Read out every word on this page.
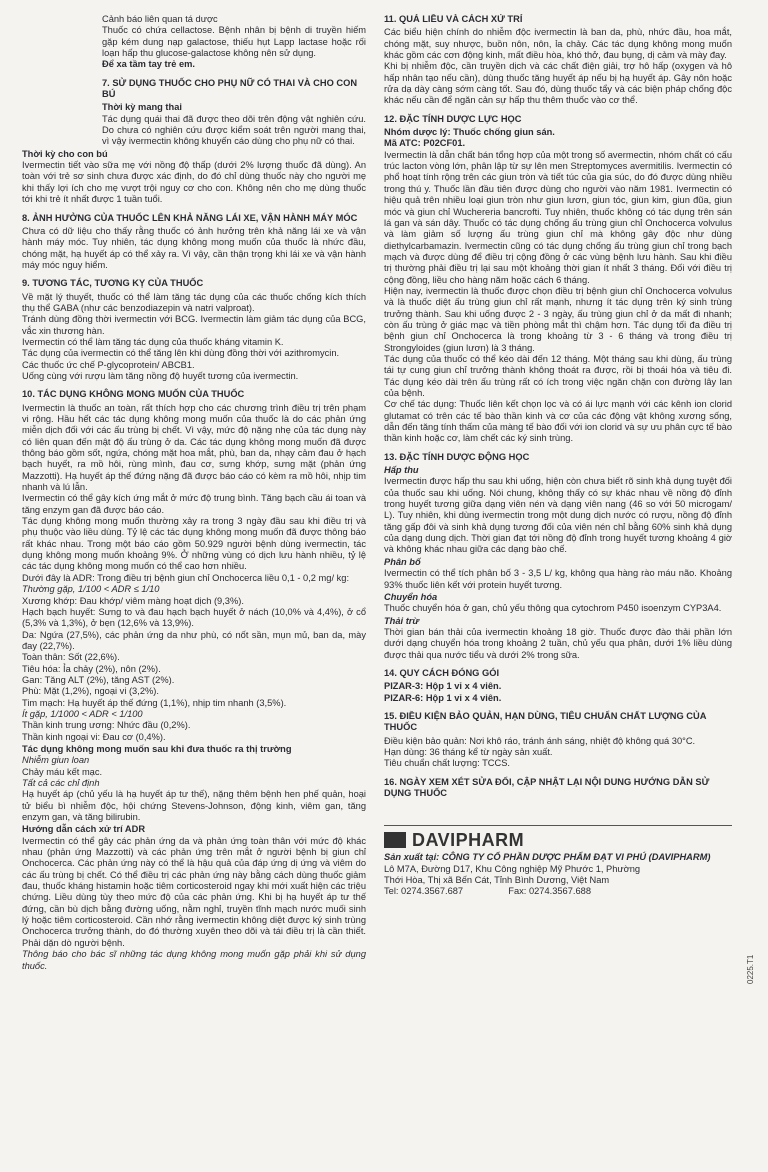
Cảnh báo liên quan tá dược

Thuốc có chứa cellactose. Bệnh nhân bị bệnh di truyền hiếm gặp kém dung nạp galactose, thiếu hụt Lapp lactase hoặc rối loạn hấp thu glucose-galactose không nên sử dụng.

Để xa tầm tay trẻ em.

7. SỬ DỤNG THUỐC CHO PHỤ NỮ CÓ THAI VÀ CHO CON BÚ
Thời kỳ mang thai

Tác dụng quái thai đã được theo dõi trên động vật nghiên cứu. Do chưa có nghiên cứu được kiểm soát trên người mang thai, vì vậy ivermectin không khuyến cáo dùng cho phụ nữ có thai.

Thời kỳ cho con bú

Ivermectin tiết vào sữa mẹ với nồng độ thấp (dưới 2% lượng thuốc đã dùng). An toàn với trẻ sơ sinh chưa được xác định, do đó chỉ dùng thuốc này cho người mẹ khi thấy lợi ích cho mẹ vượt trội nguy cơ cho con. Không nên cho mẹ dùng thuốc tới khi trẻ ít nhất được 1 tuần tuổi.

8. ẢNH HƯỞNG CỦA THUỐC LÊN KHẢ NĂNG LÁI XE, VẬN HÀNH MÁY MÓC

Chưa có dữ liệu cho thấy rằng thuốc có ảnh hưởng trên khả năng lái xe và vận hành máy móc. Tuy nhiên, tác dụng không mong muốn của thuốc là nhức đầu, chóng mặt, hạ huyết áp có thể xảy ra. Vì vậy, cần thận trọng khi lái xe và vận hành máy móc nguy hiểm.

9. TƯƠNG TÁC, TƯƠNG KỴ CỦA THUỐC

Về mặt lý thuyết, thuốc có thể làm tăng tác dụng của các thuốc chống kích thích thụ thể GABA (như các benzodiazepin và natri valproat).

Tránh dùng đồng thời ivermectin với BCG. Ivermectin làm giảm tác dụng của BCG, vắc xin thương hàn.

Ivermectin có thể làm tăng tác dụng của thuốc kháng vitamin K.

Tác dụng của ivermectin có thể tăng lên khi dùng đồng thời với azithromycin.

Các thuốc ức chế P-glycoprotein/ ABCB1.

Uống cùng với rượu làm tăng nồng độ huyết tương của ivermectin.

10. TÁC DỤNG KHÔNG MONG MUỐN CỦA THUỐC

Ivermectin là thuốc an toàn, rất thích hợp cho các chương trình điều trị trên phạm vi rộng. Hầu hết các tác dụng không mong muốn của thuốc là do các phản ứng miễn dịch đối với các ấu trùng bị chết. Vì vậy, mức độ nặng nhẹ của tác dụng này có liên quan đến mật độ ấu trùng ở da. Các tác dụng không mong muốn đã được thông báo gồm sốt, ngứa, chóng mặt hoa mắt, phù, ban da, nhạy cảm đau ở hạch bạch huyết, ra mồ hôi, rùng mình, đau cơ, sưng khớp, sưng mặt (phản ứng Mazzotti). Hạ huyết áp thế đứng nặng đã được báo cáo có kèm ra mồ hôi, nhịp tim nhanh và lú lẫn.

Ivermectin có thể gây kích ứng mắt ở mức độ trung bình. Tăng bạch cầu ái toan và tăng enzym gan đã được báo cáo.

Tác dụng không mong muốn thường xảy ra trong 3 ngày đầu sau khi điều trị và phụ thuộc vào liều dùng. Tỷ lệ các tác dụng không mong muốn đã được thông báo rất khác nhau. Trong một báo cáo gồm 50.929 người bệnh dùng ivermectin, tác dụng không mong muốn khoảng 9%. Ở những vùng có dịch lưu hành nhiều, tỷ lệ các tác dụng không mong muốn có thể cao hơn nhiều.

Dưới đây là ADR: Trong điều trị bệnh giun chỉ Onchocerca liều 0,1 - 0,2 mg/ kg:

Thường gặp, 1/100 < ADR ≤ 1/10

Xương khớp: Đau khớp/ viêm màng hoạt dịch (9,3%).

Hạch bạch huyết: Sưng to và đau hạch bạch huyết ở nách (10,0% và 4,4%), ở cổ (5,3% và 1,3%), ở bẹn (12,6% và 13,9%).

Da: Ngứa (27,5%), các phản ứng da như phù, có nốt sần, mụn mủ, ban da, mày đay (22,7%).

Toàn thân: Sốt (22,6%).

Tiêu hóa: Ỉa chảy (2%), nôn (2%).

Gan: Tăng ALT (2%), tăng AST (2%).

Phù: Mặt (1,2%), ngoại vi (3,2%).

Tim mạch: Hạ huyết áp thế đứng (1,1%), nhịp tim nhanh (3,5%).

Ít gặp, 1/1000 < ADR < 1/100

Thần kinh trung ương: Nhức đầu (0,2%).

Thần kinh ngoại vi: Đau cơ (0,4%).

Tác dụng không mong muốn sau khi đưa thuốc ra thị trường

Nhiễm giun loan

Chảy máu kết mạc.

Tất cả các chỉ định

Hạ huyết áp (chủ yếu là hạ huyết áp tư thế), nặng thêm bệnh hen phế quản, hoại tử biểu bì nhiễm độc, hội chứng Stevens-Johnson, động kinh, viêm gan, tăng enzym gan, và tăng bilirubin.

Hướng dẫn cách xử trí ADR

Ivermectin có thể gây các phản ứng da và phản ứng toàn thân với mức độ khác nhau (phản ứng Mazzotti) và các phản ứng trên mắt ở người bệnh bị giun chỉ Onchocerca. Các phản ứng này có thể là hậu quả của đáp ứng dị ứng và viêm do các ấu trùng bị chết. Có thể điều trị các phản ứng này bằng cách dùng thuốc giảm đau, thuốc kháng histamin hoặc tiêm corticosteroid ngay khi mới xuất hiện các triệu chứng. Liều dùng tùy theo mức độ của các phản ứng. Khi bị hạ huyết áp tư thế đứng, cần bù dịch bằng đường uống, nằm nghỉ, truyền tĩnh mạch nước muối sinh lý hoặc tiêm corticosteroid. Cần nhớ rằng ivermectin không diệt được ký sinh trùng Onchocerca trưởng thành, do đó thường xuyên theo dõi và tái điều trị là cần thiết. Phải dặn dò người bệnh.

Thông báo cho bác sĩ những tác dụng không mong muốn gặp phải khi sử dụng thuốc.

11. QUÁ LIỀU VÀ CÁCH XỬ TRÍ

Các biểu hiện chính do nhiễm độc ivermectin là ban da, phù, nhức đầu, hoa mắt, chóng mặt, suy nhược, buồn nôn, nôn, ỉa chảy. Các tác dụng không mong muốn khác gồm các cơn động kinh, mất điều hòa, khó thở, đau bụng, dị cảm và mày đay.

Khi bị nhiễm độc, cần truyền dịch và các chất điện giải, trợ hô hấp (oxygen và hô hấp nhân tạo nếu cần), dùng thuốc tăng huyết áp nếu bị hạ huyết áp. Gây nôn hoặc rửa dạ dày càng sớm càng tốt. Sau đó, dùng thuốc tẩy và các biện pháp chống độc khác nếu cần để ngăn cản sự hấp thu thêm thuốc vào cơ thể.

12. ĐẶC TÍNH DƯỢC LỰC HỌC

Nhóm dược lý: Thuốc chống giun sán.

Mã ATC: P02CF01.

Ivermectin là dẫn chất bán tổng hợp của một trong số avermectin, nhóm chất có cấu trúc lacton vòng lớn, phân lập từ sự lên men Streptomyces avermitilis. Ivermectin có phổ hoạt tính rộng trên các giun tròn và tiết túc của gia súc, do đó được dùng nhiều trong thú y. Thuốc lần đầu tiên được dùng cho người vào năm 1981. Ivermectin có hiệu quả trên nhiều loại giun tròn như giun lươn, giun tóc, giun kim, giun đũa, giun móc và giun chỉ Wuchereria bancrofti. Tuy nhiên, thuốc không có tác dụng trên sán lá gan và sán dây. Thuốc có tác dụng chống ấu trùng giun chỉ Onchocerca volvulus và làm giảm số lượng ấu trùng giun chỉ mà không gây độc như dùng diethylcarbamazin. Ivermectin cũng có tác dụng chống ấu trùng giun chỉ trong bạch mạch và được dùng để điều trị cộng đồng ở các vùng bệnh lưu hành. Sau khi điều trị thường phải điều trị lại sau một khoảng thời gian ít nhất 3 tháng. Đối với điều trị cộng đồng, liều cho hàng năm hoặc cách 6 tháng.

Hiện nay, ivermectin là thuốc được chọn điều trị bệnh giun chỉ Onchocerca volvulus và là thuốc diệt ấu trùng giun chỉ rất mạnh, nhưng ít tác dụng trên ký sinh trùng trưởng thành. Sau khi uống được 2 - 3 ngày, ấu trùng giun chỉ ở da mất đi nhanh; còn ấu trùng ở giác mạc và tiền phòng mắt thì chậm hơn. Tác dụng tối đa điều trị bệnh giun chỉ Onchocerca là trong khoảng từ 3 - 6 tháng và trong điều trị Strongyloides (giun lươn) là 3 tháng.

Tác dụng của thuốc có thể kéo dài đến 12 tháng. Một tháng sau khi dùng, ấu trùng tái tự cung giun chỉ trưởng thành không thoát ra được, rồi bị thoái hóa và tiêu đi. Tác dụng kéo dài trên ấu trùng rất có ích trong việc ngăn chặn con đường lây lan của bệnh.

Cơ chế tác dụng: Thuốc liên kết chọn lọc và có ái lực mạnh với các kênh ion clorid glutamat có trên các tế bào thần kinh và cơ của các động vật không xương sống, dẫn đến tăng tính thấm của màng tế bào đối với ion clorid và sự ưu phân cực tế bào thần kinh hoặc cơ, làm chết các ký sinh trùng.

13. ĐẶC TÍNH DƯỢC ĐỘNG HỌC
Hấp thu

Ivermectin được hấp thu sau khi uống, hiện còn chưa biết rõ sinh khả dụng tuyệt đối của thuốc sau khi uống. Nói chung, không thấy có sự khác nhau về nồng độ đỉnh trong huyết tương giữa dạng viên nén và dạng viên nang (46 so với 50 microgam/ L). Tuy nhiên, khi dùng ivermectin trong một dung dịch nước có rượu, nồng độ đỉnh tăng gấp đôi và sinh khả dụng tương đối của viên nén chỉ bằng 60% sinh khả dụng của dạng dung dịch. Thời gian đạt tới nồng độ đỉnh trong huyết tương khoảng 4 giờ và không khác nhau giữa các dạng bào chế.

Phân bố

Ivermectin có thể tích phân bố 3 - 3,5 L/ kg, không qua hàng rào máu não. Khoảng 93% thuốc liên kết với protein huyết tương.

Chuyển hóa

Thuốc chuyển hóa ở gan, chủ yếu thông qua cytochrom P450 isoenzym CYP3A4.

Thải trừ

Thời gian bán thải của ivermectin khoảng 18 giờ. Thuốc được đào thải phần lớn dưới dạng chuyển hóa trong khoảng 2 tuần, chủ yếu qua phân, dưới 1% liều dùng được thải qua nước tiểu và dưới 2% trong sữa.

14. QUY CÁCH ĐÓNG GÓI

PIZAR-3: Hộp 1 vỉ x 4 viên.

PIZAR-6: Hộp 1 vỉ x 4 viên.

15. ĐIỀU KIỆN BẢO QUẢN, HẠN DÙNG, TIÊU CHUẨN CHẤT LƯỢNG CỦA THUỐC

Điều kiện bảo quản: Nơi khô ráo, tránh ánh sáng, nhiệt độ không quá 30°C.

Hạn dùng: 36 tháng kể từ ngày sản xuất.

Tiêu chuẩn chất lượng: TCCS.

16. NGÀY XEM XÉT SỬA ĐỔI, CẬP NHẬT LẠI NỘI DUNG HƯỚNG DẪN SỬ DỤNG THUỐC
DAVIPHARM

Sản xuất tại: CÔNG TY CỔ PHẦN DƯỢC PHẨM ĐẠT VI PHÚ (DAVIPHARM)

Lô M7A, Đường D17, Khu Công nghiệp Mỹ Phước 1, Phường

Thới Hòa, Thị xã Bến Cát, Tỉnh Bình Dương, Việt Nam

Tel: 0274.3567.687	Fax: 0274.3567.688

0225.T1
